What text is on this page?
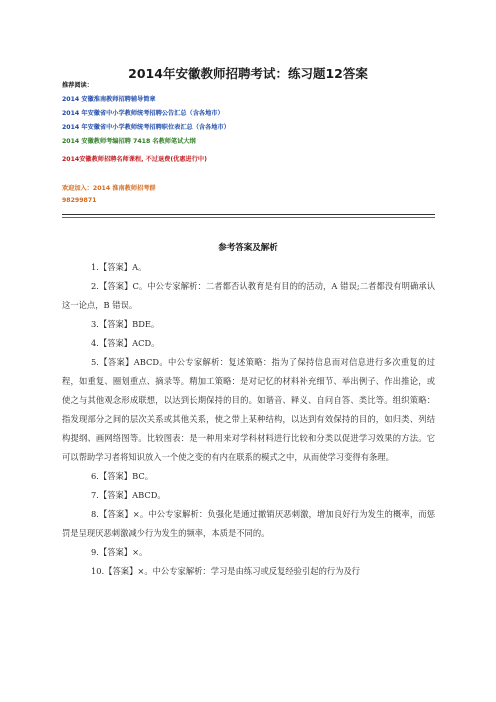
2014年安徽教师招聘考试：练习题12答案
推荐阅读：
2014 安徽淮南教师招聘辅导简章
2014 年安徽省中小学教师统考招聘公告汇总（含各地市）
2014 年安徽省中小学教师统考招聘职位表汇总（含各地市）
2014 安徽教师考编招聘 7418 名教师笔试大纲
2014安徽教师招聘名师课程, 不过退费(优惠进行中)
欢迎加入：2014 淮南教师招考群
98299871
参考答案及解析

1.【答案】A。

2.【答案】C。中公专家解析：二者都否认教育是有目的的活动，A 错误;二者都没有明确承认这一论点，B 错误。

3.【答案】BDE。

4.【答案】ACD。

5.【答案】ABCD。中公专家解析：复述策略：指为了保持信息而对信息进行多次重复的过程，如重复、圈划重点、摘录等。精加工策略：是对记忆的材料补充细节、举出例子、作出推论，或使之与其他观念形成联想，以达到长期保持的目的。如谐音、释义、自问自答、类比等。组织策略：指发现部分之间的层次关系或其他关系，使之带上某种结构，以达到有效保持的目的，如归类、列结构提纲、画网络图等。比较图表：是一种用来对学科材料进行比较和分类以促进学习效果的方法。它可以帮助学习者将知识放入一个使之变的有内在联系的模式之中，从而使学习变得有条理。

6.【答案】BC。

7.【答案】ABCD。

8.【答案】×。中公专家解析：负强化是通过撤销厌恶刺激，增加良好行为发生的概率，而惩罚是呈现厌恶刺激减少行为发生的频率，本质是不同的。

9.【答案】×。

10.【答案】×。中公专家解析：学习是由练习或反复经验引起的行为及行
